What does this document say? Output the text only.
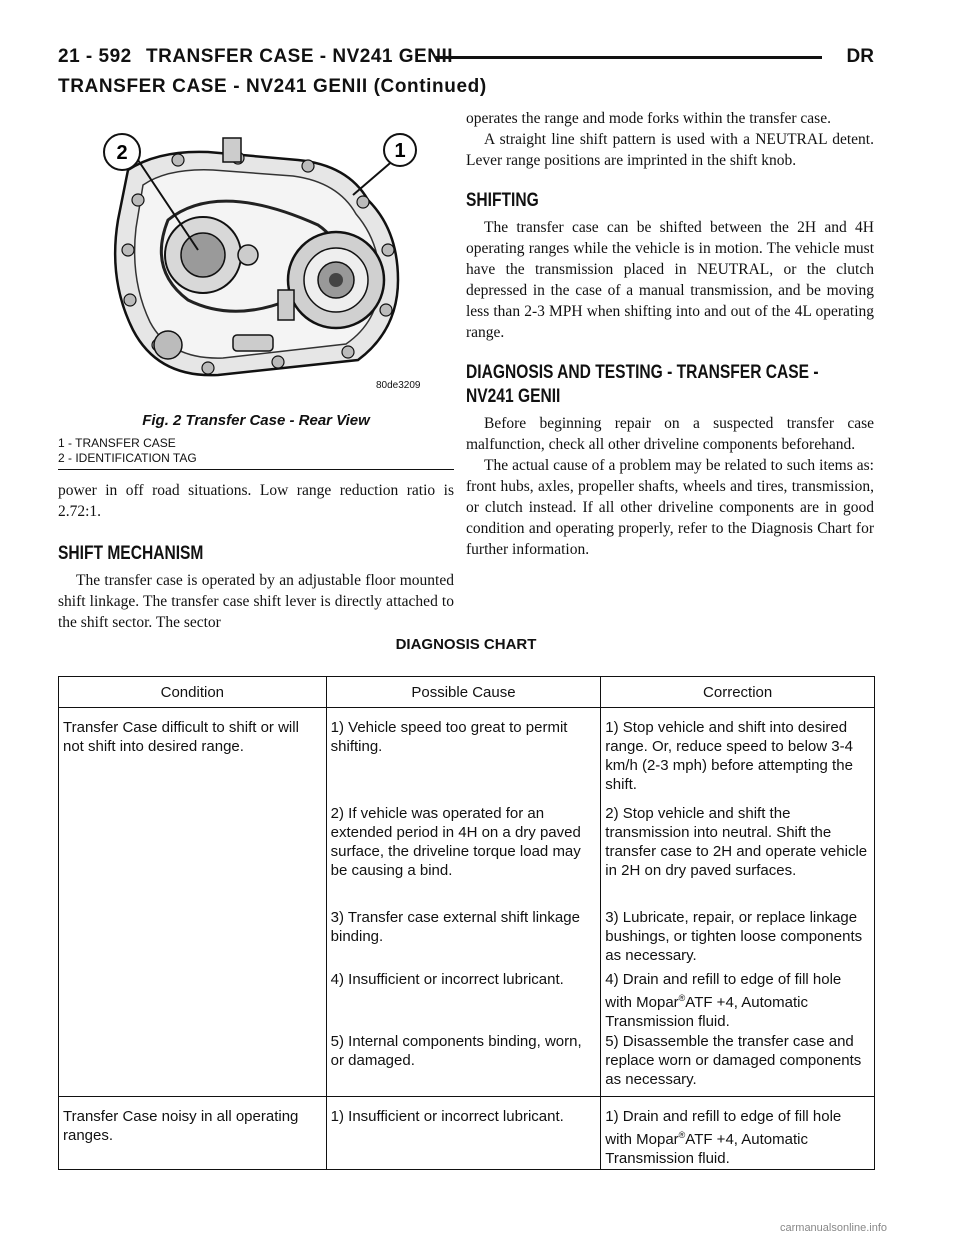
21 - 592 TRANSFER CASE - NV241 GENII	DR
TRANSFER CASE - NV241 GENII (Continued)
2	1
80de3209
Fig. 2 Transfer Case - Rear View
1 - TRANSFER CASE
2 - IDENTIFICATION TAG

power in off road situations. Low range reduction ratio is 2.72:1.

SHIFT MECHANISM

The transfer case is operated by an adjustable floor mounted shift linkage. The transfer case shift lever is directly attached to the shift sector. The sector

operates the range and mode forks within the transfer case.

A straight line shift pattern is used with a NEUTRAL detent. Lever range positions are imprinted in the shift knob.

SHIFTING

The transfer case can be shifted between the 2H and 4H operating ranges while the vehicle is in motion. The vehicle must have the transmission placed in NEUTRAL, or the clutch depressed in the case of a manual transmission, and be moving less than 2-3 MPH when shifting into and out of the 4L operating range.

DIAGNOSIS AND TESTING - TRANSFER CASE -

NV241 GENII

Before beginning repair on a suspected transfer case malfunction, check all other driveline components beforehand.

The actual cause of a problem may be related to such items as: front hubs, axles, propeller shafts, wheels and tires, transmission, or clutch instead. If all other driveline components are in good condition and operating properly, refer to the Diagnosis Chart for further information.

DIAGNOSIS CHART
Condition	Possible Cause	Correction

Transfer Case difficult to shift or will not shift into desired range.	1) Vehicle speed too great to permit shifting.	1) Stop vehicle and shift into desired range. Or, reduce speed to below 3-4 km/h (2-3 mph) before attempting the shift.

	2) If vehicle was operated for an extended period in 4H on a dry paved surface, the driveline torque load may be causing a bind.	2) Stop vehicle and shift the transmission into neutral. Shift the transfer case to 2H and operate vehicle in 2H on dry paved surfaces.

	3) Transfer case external shift linkage binding.	3) Lubricate, repair, or replace linkage bushings, or tighten loose components as necessary.

	4) Insufficient or incorrect lubricant.	4) Drain and refill to edge of fill hole with Mopar®ATF +4, Automatic Transmission fluid.

	5) Internal components binding, worn, or damaged.	5) Disassemble the transfer case and replace worn or damaged components as necessary.

Transfer Case noisy in all operating ranges.	1) Insufficient or incorrect lubricant.	1) Drain and refill to edge of fill hole with Mopar®ATF +4, Automatic Transmission fluid.
carmanualsonline.info
